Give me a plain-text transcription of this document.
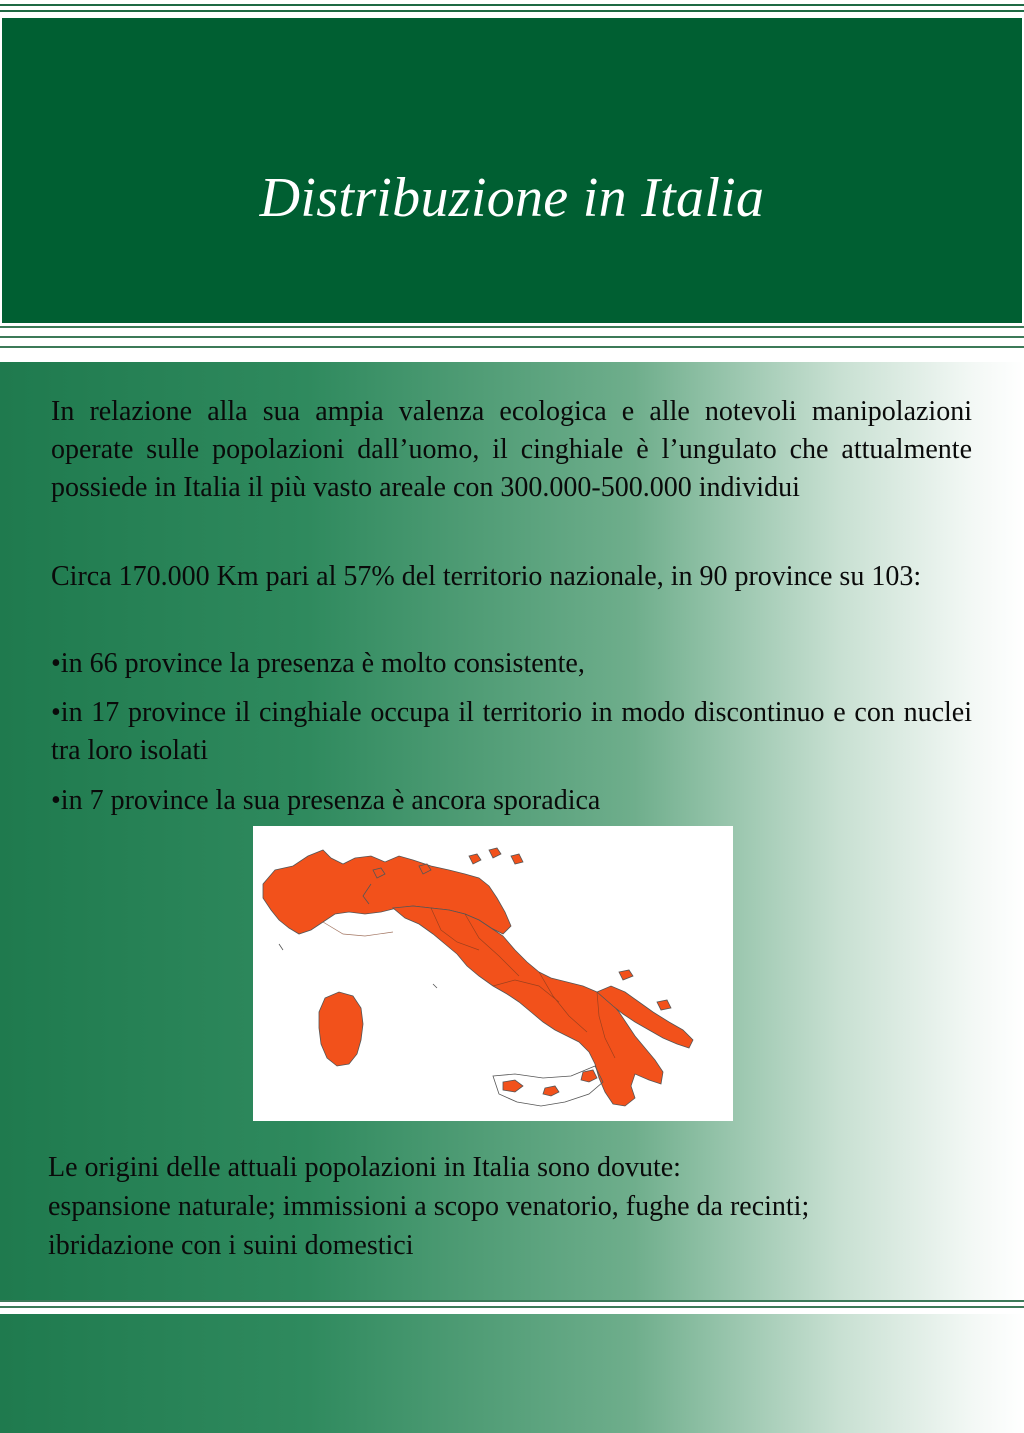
Distribuzione in Italia

In relazione alla sua ampia valenza ecologica e alle notevoli manipolazioni operate sulle popolazioni dall’uomo, il cinghiale è l’ungulato che attualmente possiede in Italia il più vasto areale con 300.000-500.000 individui

Circa 170.000 Km pari al 57% del territorio nazionale, in 90 province su 103:

•in 66 province la presenza è molto consistente,

•in 17 province il cinghiale occupa il territorio in modo discontinuo e con nuclei tra loro isolati

•in 7 province la sua presenza è ancora sporadica

Le origini delle attuali popolazioni in Italia sono dovute:
espansione naturale; immissioni a scopo venatorio, fughe da recinti;
ibridazione con i suini domestici
